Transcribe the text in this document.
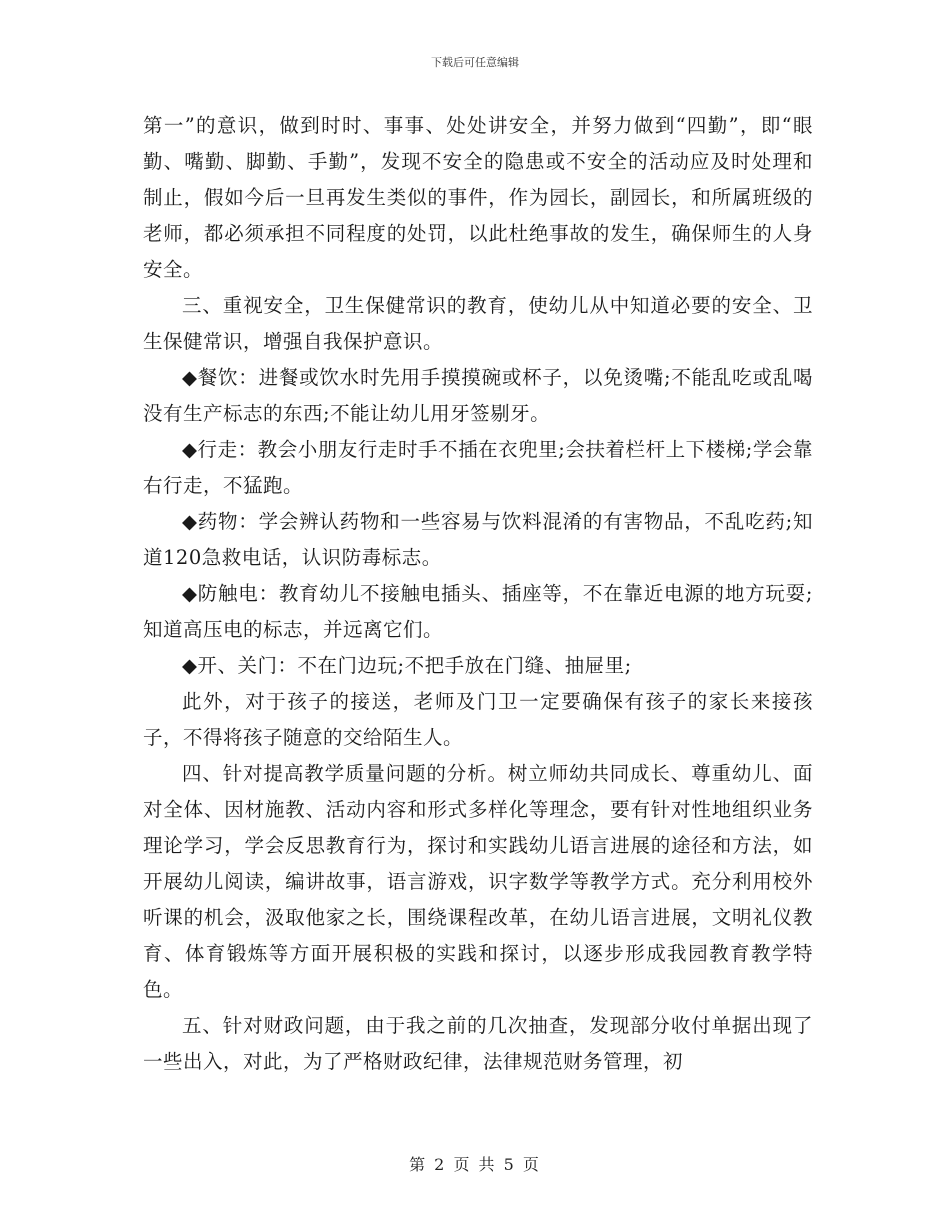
下载后可任意编辑

第一”的意识，做到时时、事事、处处讲安全，并努力做到“四勤”，即“眼勤、嘴勤、脚勤、手勤”，发现不安全的隐患或不安全的活动应及时处理和制止，假如今后一旦再发生类似的事件，作为园长，副园长，和所属班级的老师，都必须承担不同程度的处罚，以此杜绝事故的发生，确保师生的人身安全。

三、重视安全，卫生保健常识的教育，使幼儿从中知道必要的安全、卫生保健常识，增强自我保护意识。

◆餐饮：进餐或饮水时先用手摸摸碗或杯子，以免烫嘴;不能乱吃或乱喝没有生产标志的东西;不能让幼儿用牙签剔牙。

◆行走：教会小朋友行走时手不插在衣兜里;会扶着栏杆上下楼梯;学会靠右行走，不猛跑。

◆药物：学会辨认药物和一些容易与饮料混淆的有害物品，不乱吃药;知道120急救电话，认识防毒标志。

◆防触电：教育幼儿不接触电插头、插座等，不在靠近电源的地方玩耍;知道高压电的标志，并远离它们。

◆开、关门：不在门边玩;不把手放在门缝、抽屉里;

此外，对于孩子的接送，老师及门卫一定要确保有孩子的家长来接孩子，不得将孩子随意的交给陌生人。

四、针对提高教学质量问题的分析。树立师幼共同成长、尊重幼儿、面对全体、因材施教、活动内容和形式多样化等理念，要有针对性地组织业务理论学习，学会反思教育行为，探讨和实践幼儿语言进展的途径和方法，如开展幼儿阅读，编讲故事，语言游戏，识字数学等教学方式。充分利用校外听课的机会，汲取他家之长，围绕课程改革，在幼儿语言进展，文明礼仪教育、体育锻炼等方面开展积极的实践和探讨，以逐步形成我园教育教学特色。

五、针对财政问题，由于我之前的几次抽查，发现部分收付单据出现了一些出入，对此，为了严格财政纪律，法律规范财务管理，初

第 2 页 共 5 页
